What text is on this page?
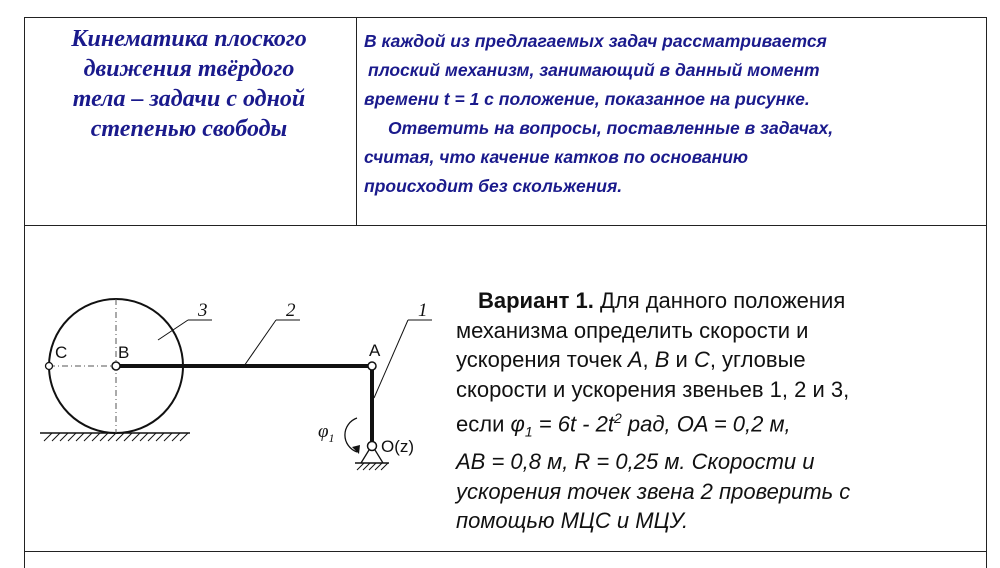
Кинематика плоского
движения твёрдого
тела – задачи с одной
степенью свободы
В каждой из предлагаемых задач рассматривается
плоский механизм, занимающий в данный момент
времени t = 1 с положение, показанное на рисунке.
Ответить на вопросы, поставленные в задачах,
считая, что качение катков по основанию
происходит без скольжения.
3	2	1
C	B	A
O(z)
$\varphi_1$
Вариант 1. Для данного положения
механизма определить скорости и
ускорения точек A, B и C, угловые
скорости и ускорения звеньев 1, 2 и 3,
если $\varphi_1 = 6t - 2t^2$ рад, OA = 0,2 м,
AB = 0,8 м, R = 0,25 м. Скорости и
ускорения точек звена 2 проверить с
помощью МЦС и МЦУ.
